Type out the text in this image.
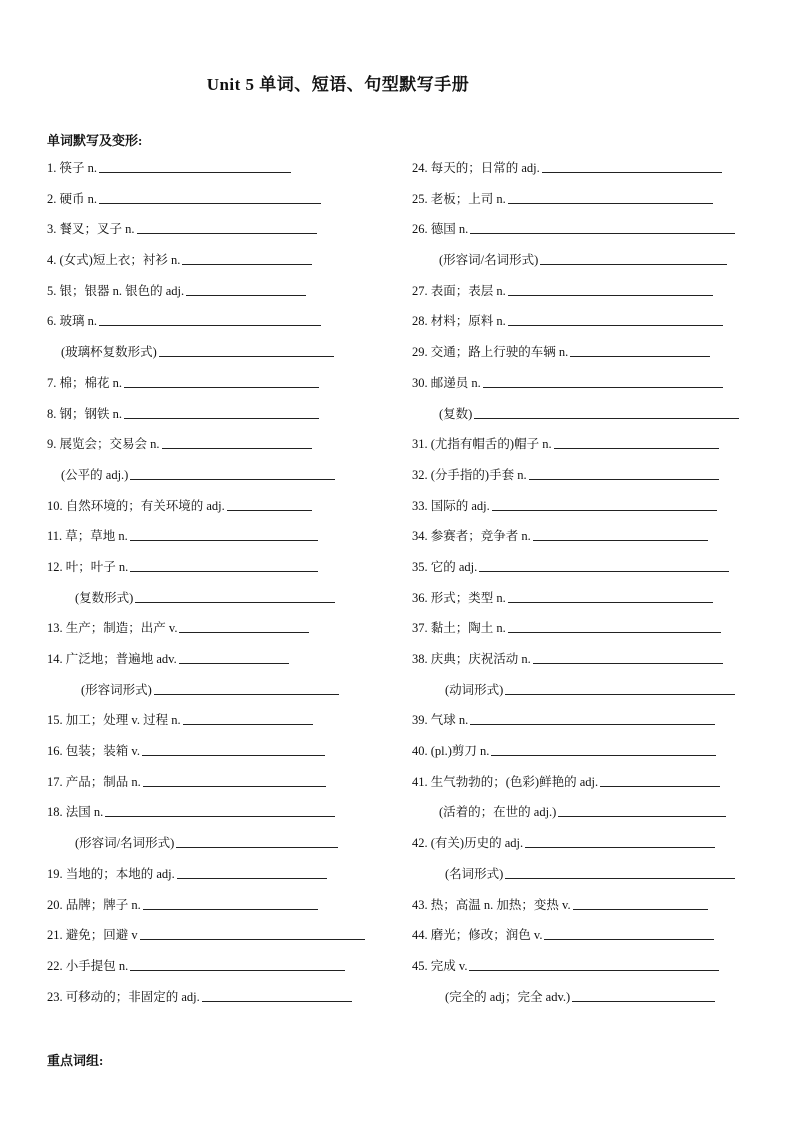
Unit 5 单词、短语、句型默写手册
单词默写及变形:
重点词组:
1. 筷子 n.
2. 硬币 n.
3. 餐叉；叉子 n.
4. (女式)短上衣；衬衫 n.
5. 银；银器 n. 银色的 adj.
6. 玻璃 n.
(玻璃杯复数形式)
7. 棉；棉花 n.
8. 钢；钢铁 n.
9. 展览会；交易会 n.
(公平的 adj.)
10. 自然环境的；有关环境的 adj.
11. 草；草地 n.
12. 叶；叶子 n.
(复数形式)
13. 生产；制造；出产 v.
14. 广泛地；普遍地 adv.
(形容词形式)
15. 加工；处理 v. 过程 n.
16. 包装；装箱 v.
17. 产品；制品 n.
18. 法国 n.
(形容词/名词形式)
19. 当地的；本地的 adj.
20. 品牌；牌子 n.
21. 避免；回避 v
22. 小手提包 n.
23. 可移动的；非固定的 adj.
24. 每天的；日常的 adj.
25. 老板；上司 n.
26. 德国 n.
(形容词/名词形式)
27. 表面；表层 n.
28. 材料；原料 n.
29. 交通；路上行驶的车辆 n.
30. 邮递员 n.
(复数)
31. (尤指有帽舌的)帽子 n.
32. (分手指的)手套 n.
33. 国际的 adj.
34. 参赛者；竞争者 n.
35. 它的 adj.
36. 形式；类型 n.
37. 黏土；陶土 n.
38. 庆典；庆祝活动 n.
(动词形式)
39. 气球 n.
40. (pl.)剪刀 n.
41. 生气勃勃的；(色彩)鲜艳的 adj.
(活着的；在世的 adj.)
42. (有关)历史的 adj.
(名词形式)
43. 热；高温 n. 加热；变热 v.
44. 磨光；修改；润色 v.
45. 完成 v.
(完全的 adj；完全 adv.)
